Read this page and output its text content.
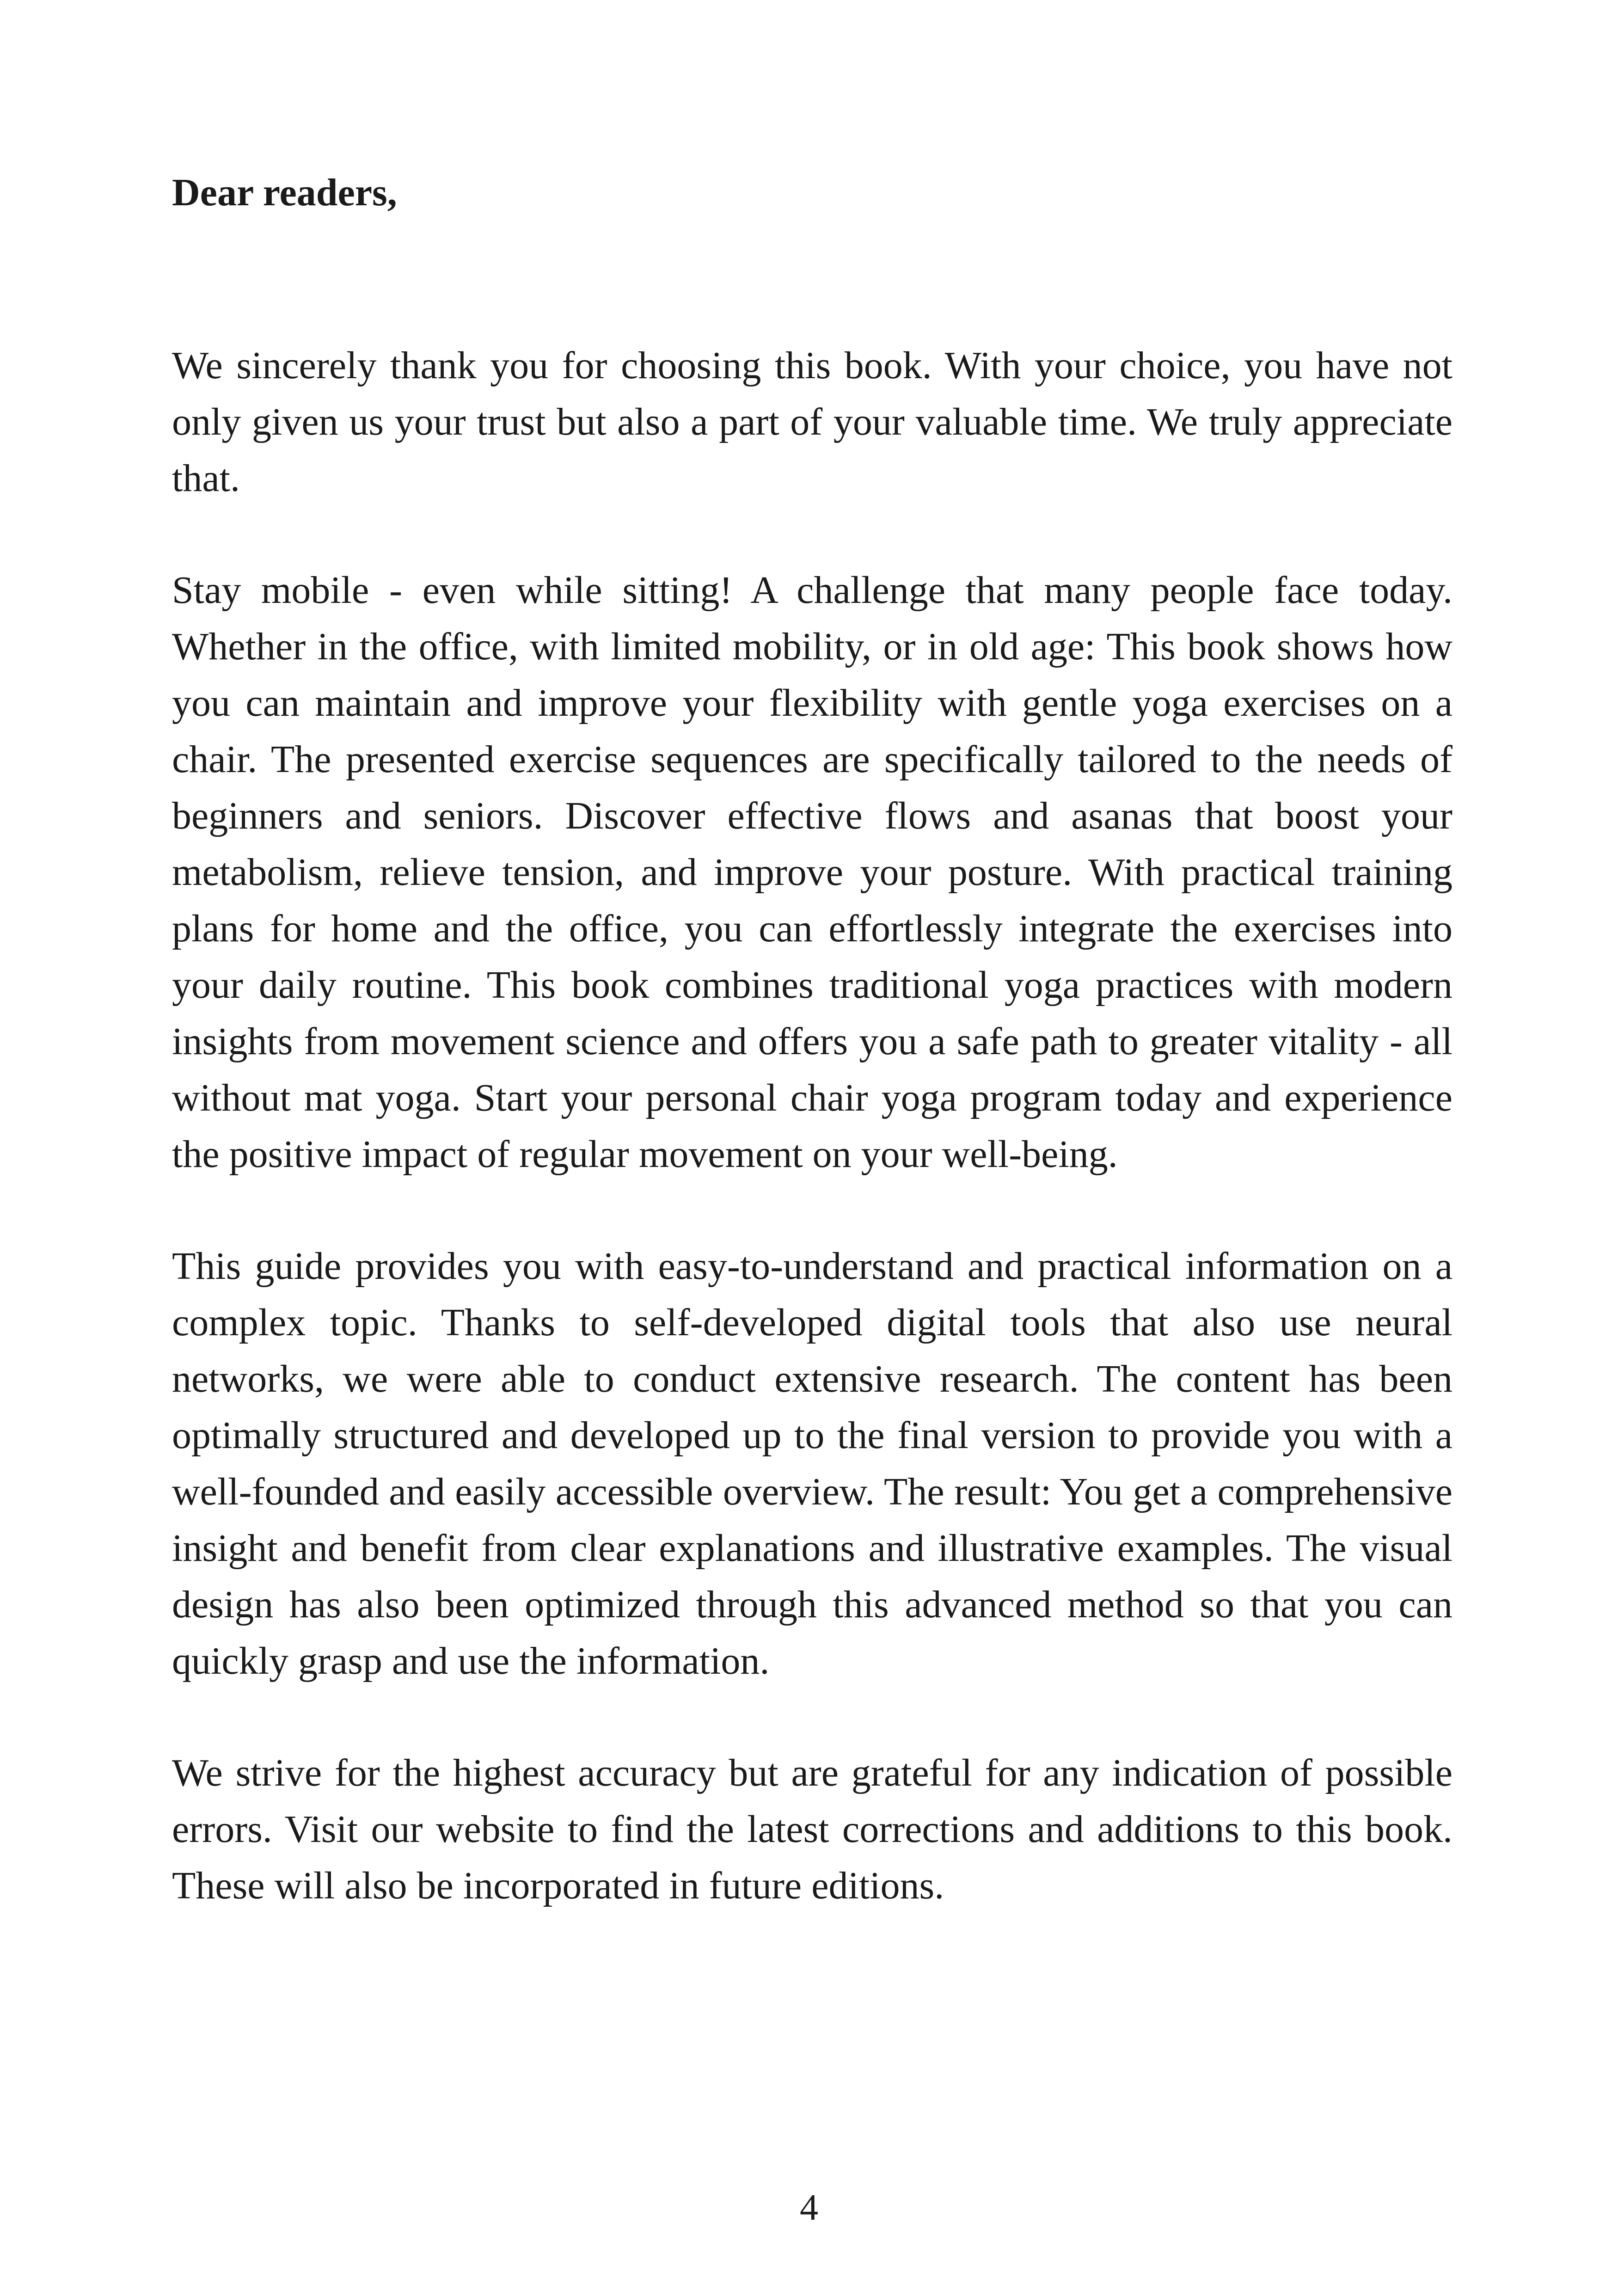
Dear readers,

We sincerely thank you for choosing this book. With your choice, you have not only given us your trust but also a part of your valuable time. We truly appreciate that.

Stay mobile - even while sitting! A challenge that many people face today. Whether in the office, with limited mobility, or in old age: This book shows how you can maintain and improve your flexibility with gentle yoga exercises on a chair. The presented exercise sequences are specifically tailored to the needs of beginners and seniors. Discover effective flows and asanas that boost your metabolism, relieve tension, and improve your posture. With practical training plans for home and the office, you can effortlessly integrate the exercises into your daily routine. This book combines traditional yoga practices with modern insights from movement science and offers you a safe path to greater vitality - all without mat yoga. Start your personal chair yoga program today and experience the positive impact of regular movement on your well-being.

This guide provides you with easy-to-understand and practical information on a complex topic. Thanks to self-developed digital tools that also use neural networks, we were able to conduct extensive research. The content has been optimally structured and developed up to the final version to provide you with a well-founded and easily accessible overview. The result: You get a comprehensive insight and benefit from clear explanations and illustrative examples. The visual design has also been optimized through this advanced method so that you can quickly grasp and use the information.

We strive for the highest accuracy but are grateful for any indication of possible errors. Visit our website to find the latest corrections and additions to this book. These will also be incorporated in future editions.

4
